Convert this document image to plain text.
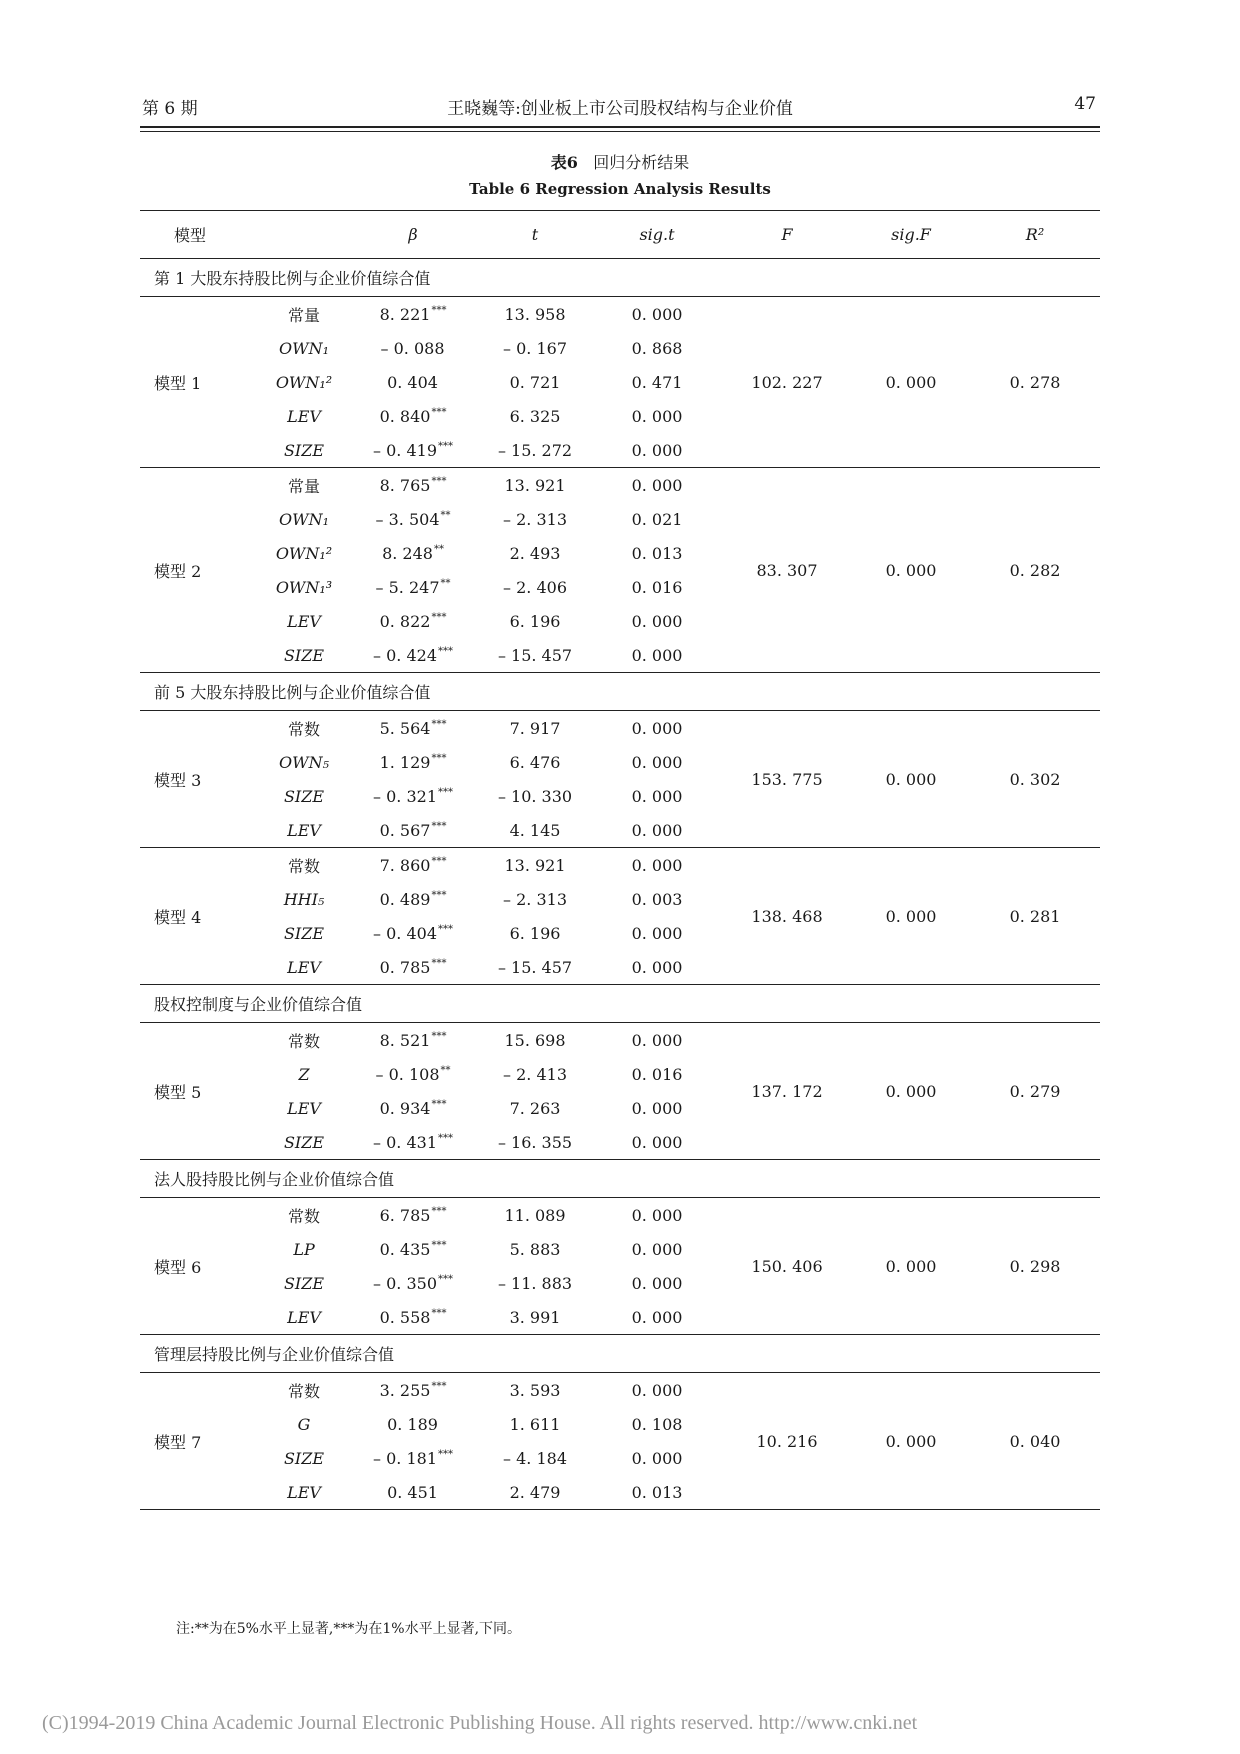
第 6 期	王晓巍等:创业板上市公司股权结构与企业价值	47
表6 回归分析结果
Table 6 Regression Analysis Results
模型		β	t	sig.t	F	sig.F	R²
第 1 大股东持股比例与企业价值综合值							
模型 1	常量	8. 221***	13. 958	0. 000	102. 227	0. 000	0. 278
	OWN₁	– 0. 088	– 0. 167	0. 868			
	OWN₁²	0. 404	0. 721	0. 471			
	LEV	0. 840***	6. 325	0. 000			
	SIZE	– 0. 419***	– 15. 272	0. 000			
模型 2	常量	8. 765***	13. 921	0. 000	83. 307	0. 000	0. 282
	OWN₁	– 3. 504**	– 2. 313	0. 021			
	OWN₁²	8. 248**	2. 493	0. 013			
	OWN₁³	– 5. 247**	– 2. 406	0. 016			
	LEV	0. 822***	6. 196	0. 000			
	SIZE	– 0. 424***	– 15. 457	0. 000			
前 5 大股东持股比例与企业价值综合值							
模型 3	常数	5. 564***	7. 917	0. 000	153. 775	0. 000	0. 302
	OWN₅	1. 129***	6. 476	0. 000			
	SIZE	– 0. 321***	– 10. 330	0. 000			
	LEV	0. 567***	4. 145	0. 000			
模型 4	常数	7. 860***	13. 921	0. 000	138. 468	0. 000	0. 281
	HHI₅	0. 489***	– 2. 313	0. 003			
	SIZE	– 0. 404***	6. 196	0. 000			
	LEV	0. 785***	– 15. 457	0. 000			
股权控制度与企业价值综合值							
模型 5	常数	8. 521***	15. 698	0. 000	137. 172	0. 000	0. 279
	Z	– 0. 108**	– 2. 413	0. 016			
	LEV	0. 934***	7. 263	0. 000			
	SIZE	– 0. 431***	– 16. 355	0. 000			
法人股持股比例与企业价值综合值							
模型 6	常数	6. 785***	11. 089	0. 000	150. 406	0. 000	0. 298
	LP	0. 435***	5. 883	0. 000			
	SIZE	– 0. 350***	– 11. 883	0. 000			
	LEV	0. 558***	3. 991	0. 000			
管理层持股比例与企业价值综合值							
模型 7	常数	3. 255***	3. 593	0. 000	10. 216	0. 000	0. 040
	G	0. 189	1. 611	0. 108			
	SIZE	– 0. 181***	– 4. 184	0. 000			
	LEV	0. 451	2. 479	0. 013			
注:**为在5%水平上显著,***为在1%水平上显著,下同。
(C)1994-2019 China Academic Journal Electronic Publishing House. All rights reserved. http://www.cnki.net
